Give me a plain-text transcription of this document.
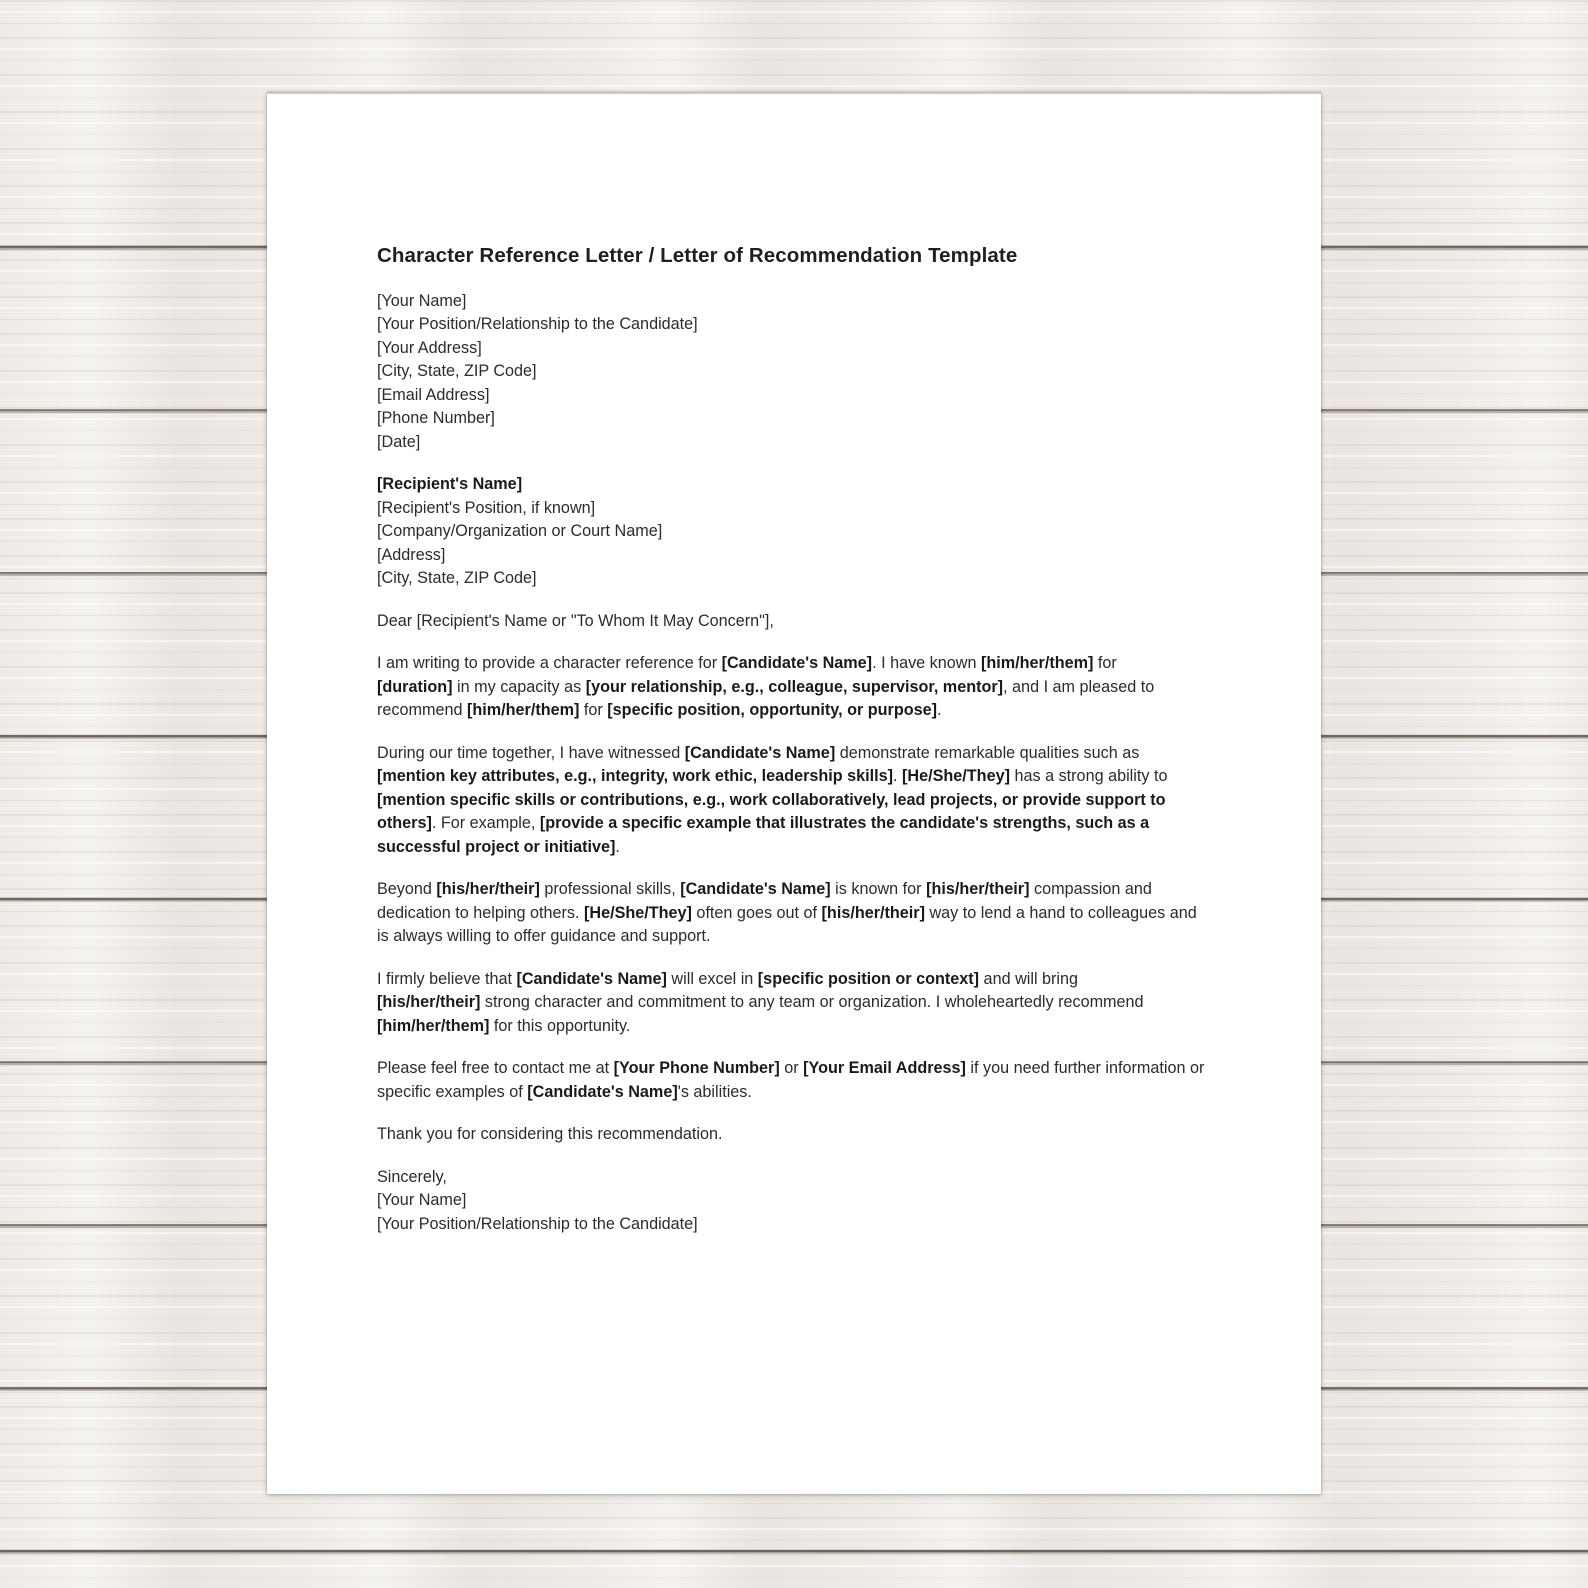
Character Reference Letter / Letter of Recommendation Template
[Your Name]
[Your Position/Relationship to the Candidate]
[Your Address]
[City, State, ZIP Code]
[Email Address]
[Phone Number]
[Date]
[Recipient's Name]
[Recipient's Position, if known]
[Company/Organization or Court Name]
[Address]
[City, State, ZIP Code]

Dear [Recipient's Name or "To Whom It May Concern"],

I am writing to provide a character reference for [Candidate's Name]. I have known [him/her/them] for
[duration] in my capacity as [your relationship, e.g., colleague, supervisor, mentor], and I am pleased to recommend [him/her/them] for [specific position, opportunity, or purpose].

During our time together, I have witnessed [Candidate's Name] demonstrate remarkable qualities such as [mention key attributes, e.g., integrity, work ethic, leadership skills]. [He/She/They] has a strong ability to [mention specific skills or contributions, e.g., work collaboratively, lead projects, or provide support to others]. For example, [provide a specific example that illustrates the candidate's strengths, such as a successful project or initiative].

Beyond [his/her/their] professional skills, [Candidate's Name] is known for [his/her/their] compassion and dedication to helping others. [He/She/They] often goes out of [his/her/their] way to lend a hand to colleagues and is always willing to offer guidance and support.

I firmly believe that [Candidate's Name] will excel in [specific position or context] and will bring
[his/her/their] strong character and commitment to any team or organization. I wholeheartedly recommend [him/her/them] for this opportunity.

Please feel free to contact me at [Your Phone Number] or [Your Email Address] if you need further information or specific examples of [Candidate's Name]'s abilities.

Thank you for considering this recommendation.

Sincerely,
[Your Name]
[Your Position/Relationship to the Candidate]
